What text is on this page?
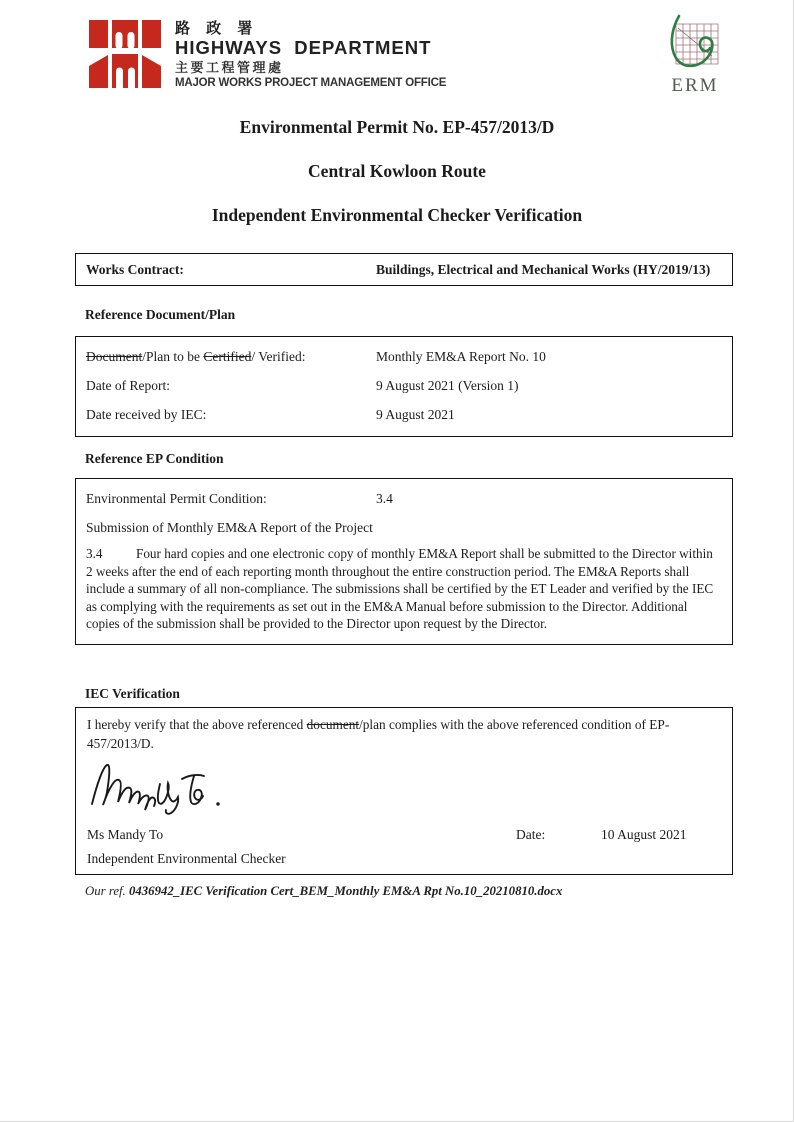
路 政 署
HIGHWAYS  DEPARTMENT
主要工程管理處
MAJOR WORKS PROJECT MANAGEMENT OFFICE	ERM
Environmental Permit No. EP-457/2013/D
Central Kowloon Route
Independent Environmental Checker Verification
Works Contract:	Buildings, Electrical and Mechanical Works (HY/2019/13)
Reference Document/Plan
Document/Plan to be Certified/ Verified:	Monthly EM&A Report No. 10
Date of Report:	9 August 2021 (Version 1)
Date received by IEC:	9 August 2021
Reference EP Condition
Environmental Permit Condition:	3.4
Submission of Monthly EM&A Report of the Project
3.4	Four hard copies and one electronic copy of monthly EM&A Report shall be submitted to the Director within 2 weeks after the end of each reporting month throughout the entire construction period. The EM&A Reports shall include a summary of all non-compliance. The submissions shall be certified by the ET Leader and verified by the IEC as complying with the requirements as set out in the EM&A Manual before submission to the Director. Additional copies of the submission shall be provided to the Director upon request by the Director.
IEC Verification
I hereby verify that the above referenced document/plan complies with the above referenced condition of EP-457/2013/D.
Ms Mandy To	Date:	10 August 2021
Independent Environmental Checker
Our ref. 0436942_IEC Verification Cert_BEM_Monthly EM&A Rpt No.10_20210810.docx
